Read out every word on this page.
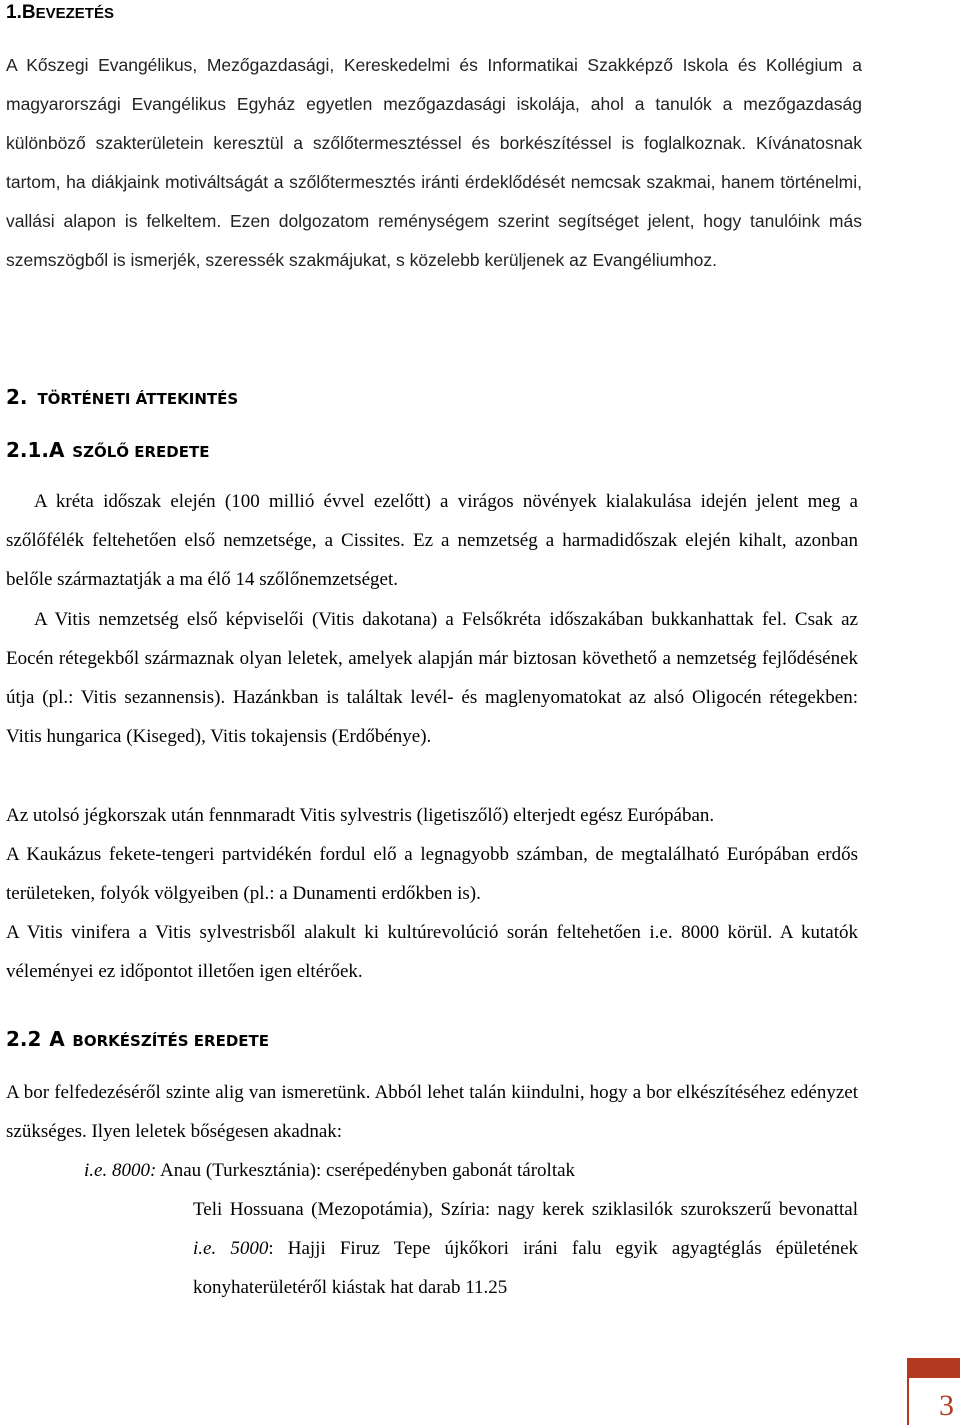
1.BEVEZETÉS

A Kőszegi Evangélikus, Mezőgazdasági, Kereskedelmi és Informatikai Szakképző Iskola és Kollégium a magyarországi Evangélikus Egyház egyetlen mezőgazdasági iskolája, ahol a tanulók a mezőgazdaság különböző szakterületein keresztül a szőlőtermesztéssel és borkészítéssel is foglalkoznak. Kívánatosnak tartom, ha diákjaink motiváltságát a szőlőtermesztés iránti érdeklődését nemcsak szakmai, hanem történelmi, vallási alapon is felkeltem. Ezen dolgozatom reménységem szerint segítséget jelent, hogy tanulóink más szemszögből is ismerjék, szeressék szakmájukat, s közelebb kerüljenek az Evangéliumhoz.

2. TÖRTÉNETI ÁTTEKINTÉS
2.1.A SZŐLŐ EREDETE

A kréta időszak elején (100 millió évvel ezelőtt) a virágos növények kialakulása idején jelent meg a szőlőfélék feltehetően első nemzetsége, a Cissites. Ez a nemzetség a harmadidőszak elején kihalt, azonban belőle származtatják a ma élő 14 szőlőnemzetséget.

A Vitis nemzetség első képviselői (Vitis dakotana) a Felsőkréta időszakában bukkanhattak fel. Csak az Eocén rétegekből származnak olyan leletek, amelyek alapján már biztosan követhető a nemzetség fejlődésének útja (pl.: Vitis sezannensis). Hazánkban is találtak levél- és maglenyomatokat az alsó Oligocén rétegekben: Vitis hungarica (Kiseged), Vitis tokajensis (Erdőbénye).

Az utolsó jégkorszak után fennmaradt Vitis sylvestris (ligetiszőlő) elterjedt egész Európában.

A Kaukázus fekete-tengeri partvidékén fordul elő a legnagyobb számban, de megtalálható Európában erdős területeken, folyók völgyeiben (pl.: a Dunamenti erdőkben is).

A Vitis vinifera a Vitis sylvestrisből alakult ki kultúrevolúció során feltehetően i.e. 8000 körül. A kutatók véleményei ez időpontot illetően igen eltérőek.

2.2 A BORKÉSZÍTÉS EREDETE

A bor felfedezéséről szinte alig van ismeretünk. Abból lehet talán kiindulni, hogy a bor elkészítéséhez edényzet szükséges. Ilyen leletek bőségesen akadnak:

i.e. 8000: Anau (Turkesztánia): cserépedényben gabonát tároltak

Teli Hossuana (Mezopotámia), Szíria: nagy kerek sziklasilók szurokszerű bevonattal i.e. 5000: Hajji Firuz Tepe újkőkori iráni falu egyik agyagtéglás épületének konyhaterületéről kiástak hat darab 11.25

3
